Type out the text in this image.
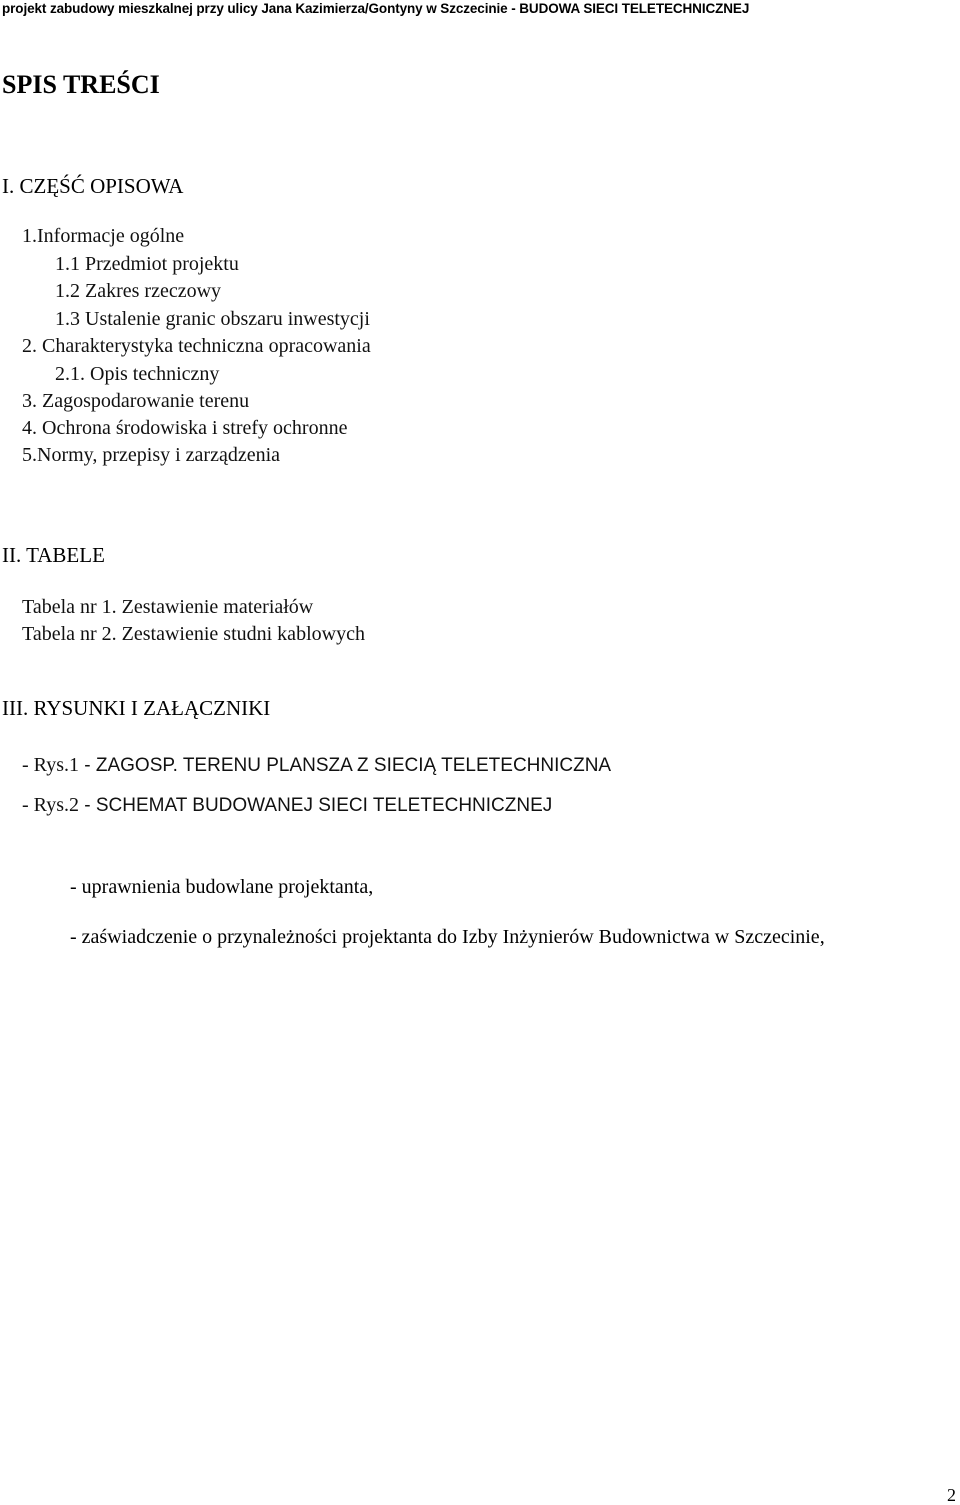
projekt zabudowy mieszkalnej przy ulicy Jana Kazimierza/Gontyny w Szczecinie - BUDOWA SIECI TELETECHNICZNEJ
SPIS TREŚCI
I. CZĘŚĆ OPISOWA
1.Informacje ogólne
1.1 Przedmiot projektu
1.2 Zakres rzeczowy
1.3 Ustalenie granic obszaru inwestycji
2. Charakterystyka techniczna opracowania
2.1. Opis techniczny
3. Zagospodarowanie terenu
4. Ochrona środowiska i strefy ochronne
5.Normy, przepisy i zarządzenia
II. TABELE
Tabela nr 1. Zestawienie materiałów
Tabela nr 2. Zestawienie studni kablowych
III. RYSUNKI I ZAŁĄCZNIKI
- Rys.1 - ZAGOSP. TERENU PLANSZA Z SIECIĄ TELETECHNICZNA
- Rys.2 - SCHEMAT BUDOWANEJ SIECI TELETECHNICZNEJ
- uprawnienia budowlane projektanta,
- zaświadczenie o przynależności projektanta do Izby Inżynierów Budownictwa w Szczecinie,
2
